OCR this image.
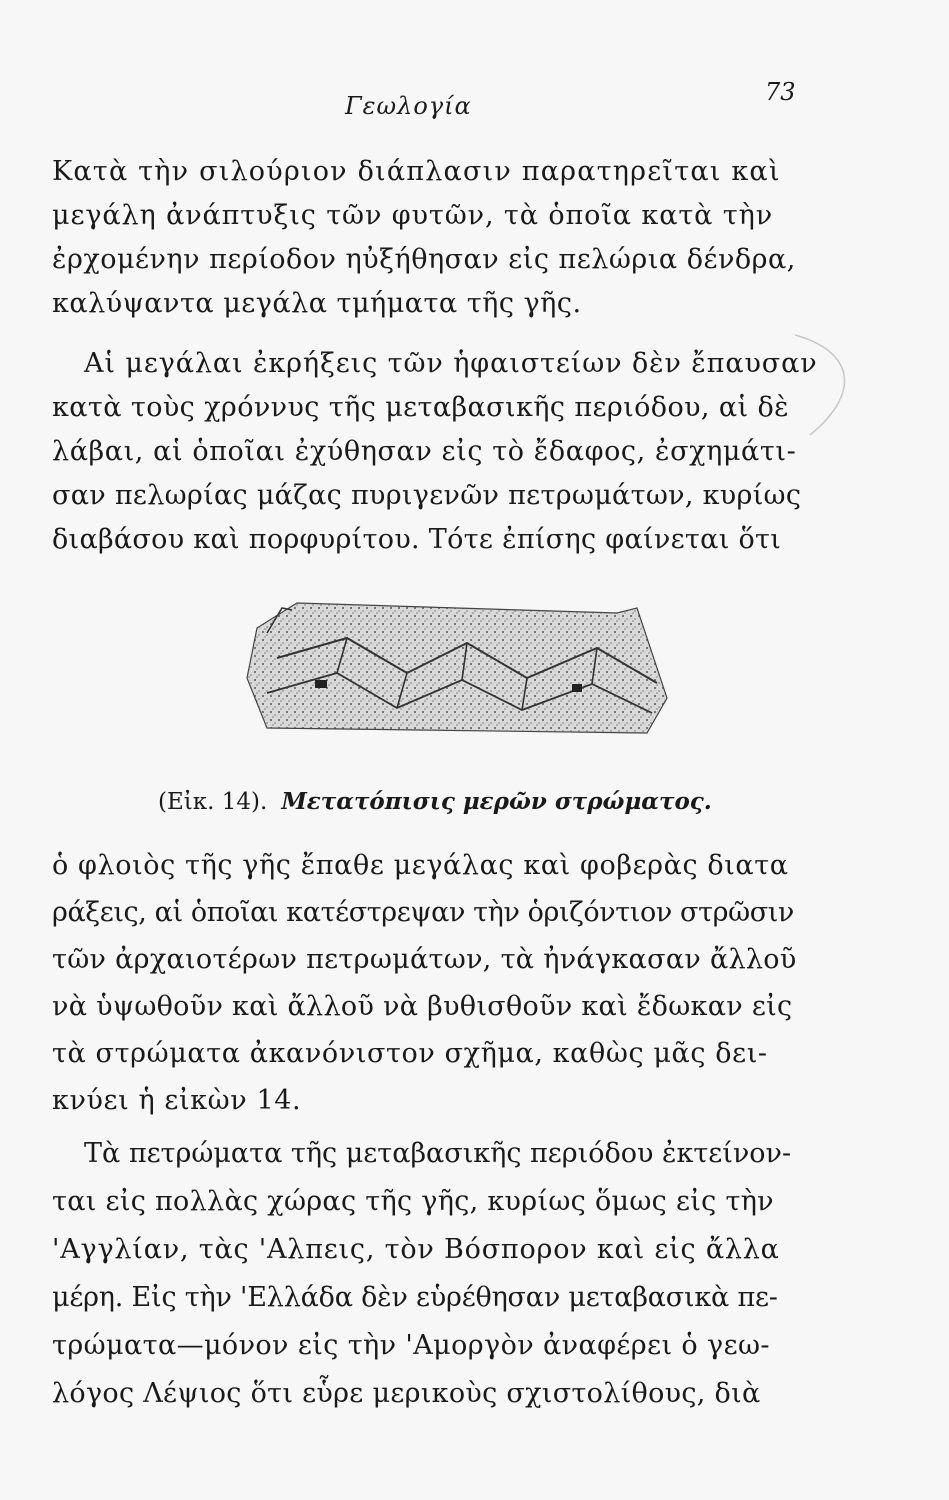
Γεωλογία	73
Κατὰ τὴν σιλούριον διάπλασιν παρατηρεῖται καὶ
μεγάλη ἀνάπτυξις τῶν φυτῶν, τὰ ὁποῖα κατὰ τὴν
ἐρχομένην περίοδον ηὐξήθησαν εἰς πελώρια δένδρα,
καλύψαντα μεγάλα τμήματα τῆς γῆς.
Αἱ μεγάλαι ἐκρήξεις τῶν ἡφαιστείων δὲν ἔπαυσαν
κατὰ τοὺς χρόννυς τῆς μεταβασικῆς περιόδου, αἱ δὲ
λάβαι, αἱ ὁποῖαι ἐχύθησαν εἰς τὸ ἔδαφος, ἐσχημάτι-
σαν πελωρίας μάζας πυριγενῶν πετρωμάτων, κυρίως
διαβάσου καὶ πορφυρίτου. Τότε ἐπίσης φαίνεται ὅτι
(Εἰκ. 14). Μετατόπισις μερῶν στρώματος.
ὁ φλοιὸς τῆς γῆς ἔπαθε μεγάλας καὶ φοβερὰς διατα
ράξεις, αἱ ὁποῖαι κατέστρεψαν τὴν ὁριζόντιον στρῶσιν
τῶν ἀρχαιοτέρων πετρωμάτων, τὰ ἠνάγκασαν ἄλλοῦ
νὰ ὑψωθοῦν καὶ ἄλλοῦ νὰ βυθισθοῦν καὶ ἔδωκαν εἰς
τὰ στρώματα ἀκανόνιστον σχῆμα, καθὼς μᾶς δει-
κνύει ἡ εἰκὼν 14.
Τὰ πετρώματα τῆς μεταβασικῆς περιόδου ἐκτείνον-
ται εἰς πολλὰς χώρας τῆς γῆς, κυρίως ὅμως εἰς τὴν
'Αγγλίαν, τὰς 'Αλπεις, τὸν Βόσπορον καὶ εἰς ἄλλα
μέρη. Εἰς τὴν 'Ελλάδα δὲν εὑρέθησαν μεταβασικὰ πε-
τρώματα—μόνον εἰς τὴν 'Αμοργὸν ἀναφέρει ὁ γεω-
λόγος Λέψιος ὅτι εὗρε μερικοὺς σχιστολίθους, διὰ
